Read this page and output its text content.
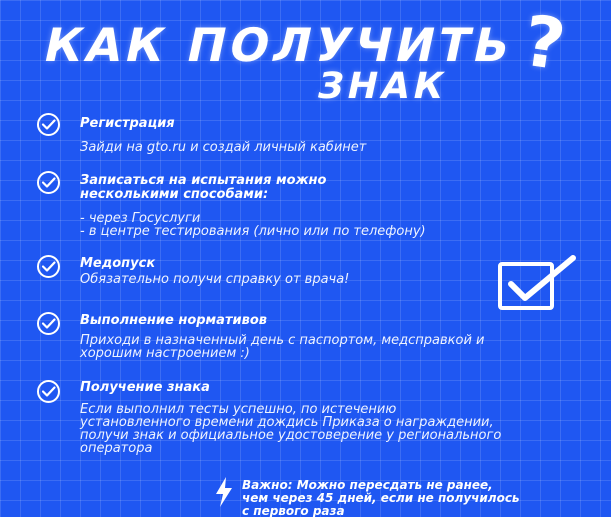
КАК ПОЛУЧИТЬ
ЗНАК
?
Регистрация
Зайди на gto.ru и создай личный кабинет
Записаться на испытания можно
несколькими способами:
- через Госуслуги
- в центре тестирования (лично или по телефону)
Медопуск
Обязательно получи справку от врача!
Выполнение нормативов
Приходи в назначенный день с паспортом, медсправкой и
хорошим настроением :)
Получение знака
Если выполнил тесты успешно, по истечению
установленного времени дождись Приказа о награждении,
получи знак и официальное удостоверение у регионального
оператора
Важно: Можно пересдать не ранее,
чем через 45 дней, если не получилось
с первого раза
